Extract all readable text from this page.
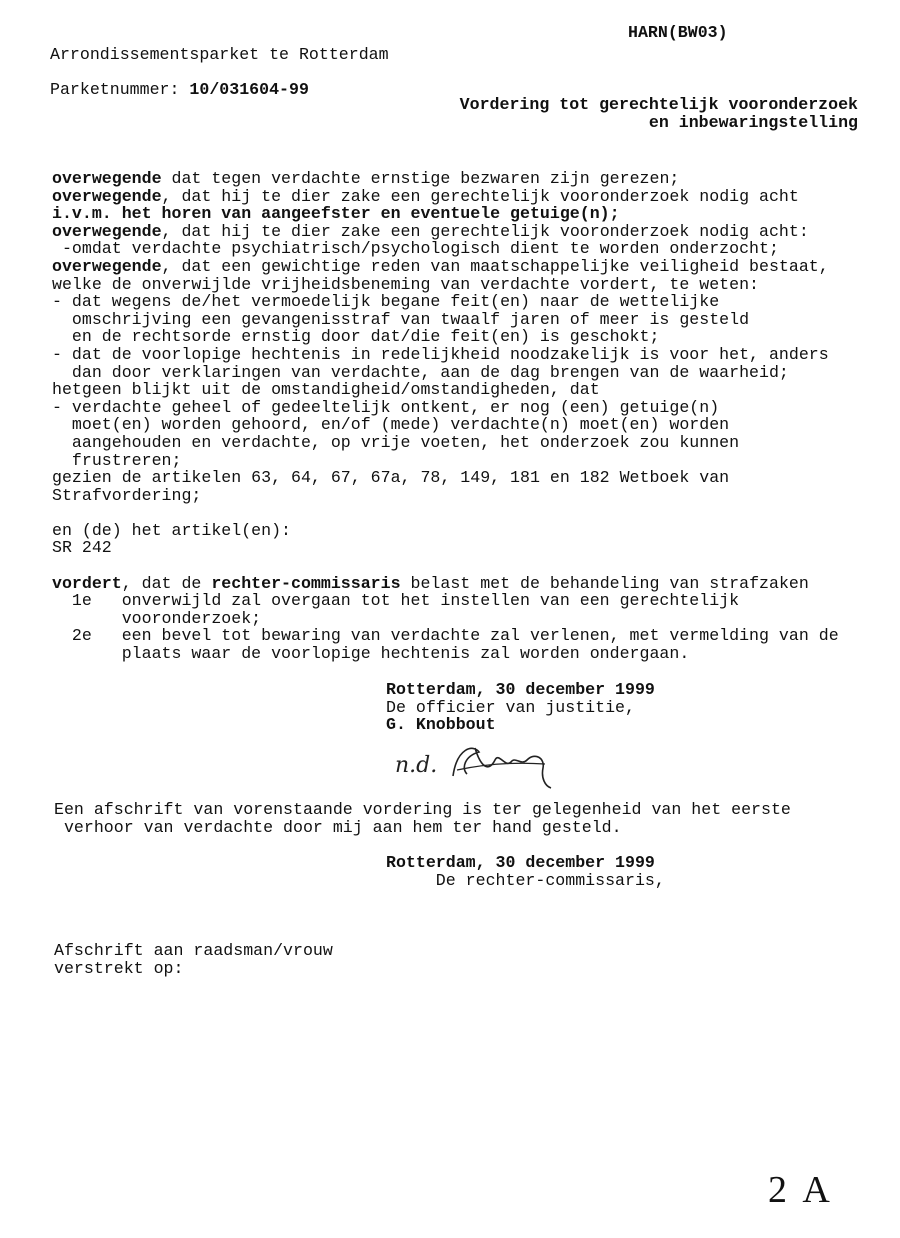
HARN(BW03)
Arrondissementsparket te Rotterdam
Parketnummer: 10/031604-99
Vordering tot gerechtelijk vooronderzoek
en inbewaringstelling
overwegende dat tegen verdachte ernstige bezwaren zijn gerezen;
overwegende, dat hij te dier zake een gerechtelijk vooronderzoek nodig acht
i.v.m. het horen van aangeefster en eventuele getuige(n);
overwegende, dat hij te dier zake een gerechtelijk vooronderzoek nodig acht:
-omdat verdachte psychiatrisch/psychologisch dient te worden onderzocht;
overwegende, dat een gewichtige reden van maatschappelijke veiligheid bestaat,
welke de onverwijlde vrijheidsbeneming van verdachte vordert, te weten:
- dat wegens de/het vermoedelijk begane feit(en) naar de wettelijke
omschrijving een gevangenisstraf van twaalf jaren of meer is gesteld
en de rechtsorde ernstig door dat/die feit(en) is geschokt;
- dat de voorlopige hechtenis in redelijkheid noodzakelijk is voor het, anders
dan door verklaringen van verdachte, aan de dag brengen van de waarheid;
hetgeen blijkt uit de omstandigheid/omstandigheden, dat
- verdachte geheel of gedeeltelijk ontkent, er nog (een) getuige(n)
moet(en) worden gehoord, en/of (mede) verdachte(n) moet(en) worden
aangehouden en verdachte, op vrije voeten, het onderzoek zou kunnen
frustreren;
gezien de artikelen 63, 64, 67, 67a, 78, 149, 181 en 182 Wetboek van
Strafvordering;
en (de) het artikel(en):
SR 242
vordert, dat de rechter-commissaris belast met de behandeling van strafzaken
1e   onverwijld zal overgaan tot het instellen van een gerechtelijk
vooronderzoek;
2e   een bevel tot bewaring van verdachte zal verlenen, met vermelding van de
plaats waar de voorlopige hechtenis zal worden ondergaan.
Rotterdam, 30 december 1999
De officier van justitie,
G. Knobbout
n.d.
Een afschrift van vorenstaande vordering is ter gelegenheid van het eerste
verhoor van verdachte door mij aan hem ter hand gesteld.
Rotterdam, 30 december 1999
De rechter-commissaris,
Afschrift aan raadsman/vrouw
verstrekt op:
2 A
